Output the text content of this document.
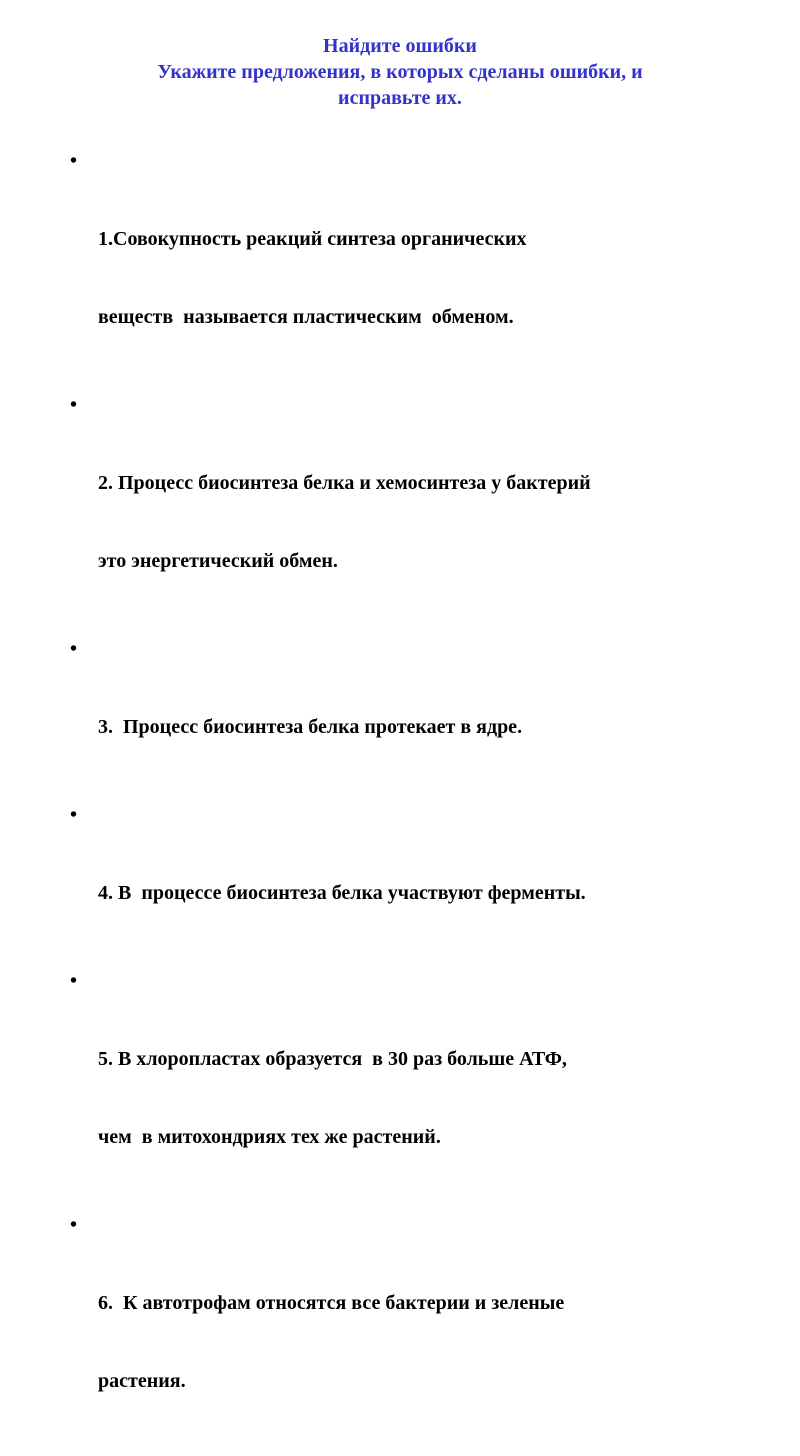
Найдите ошибки
Укажите предложения, в которых сделаны ошибки, и
исправьте их.

•

1.Совокупность реакций синтеза органических

веществ  называется пластическим  обменом.

•

2. Процесс биосинтеза белка и хемосинтеза у бактерий

это энергетический обмен.

•

3.  Процесс биосинтеза белка протекает в ядре.

•

4. В  процессе биосинтеза белка участвуют ферменты.

•

5. В хлоропластах образуется  в 30 раз больше АТФ,

чем  в митохондриях тех же растений.

•

6.  К автотрофам относятся все бактерии и зеленые

растения.
